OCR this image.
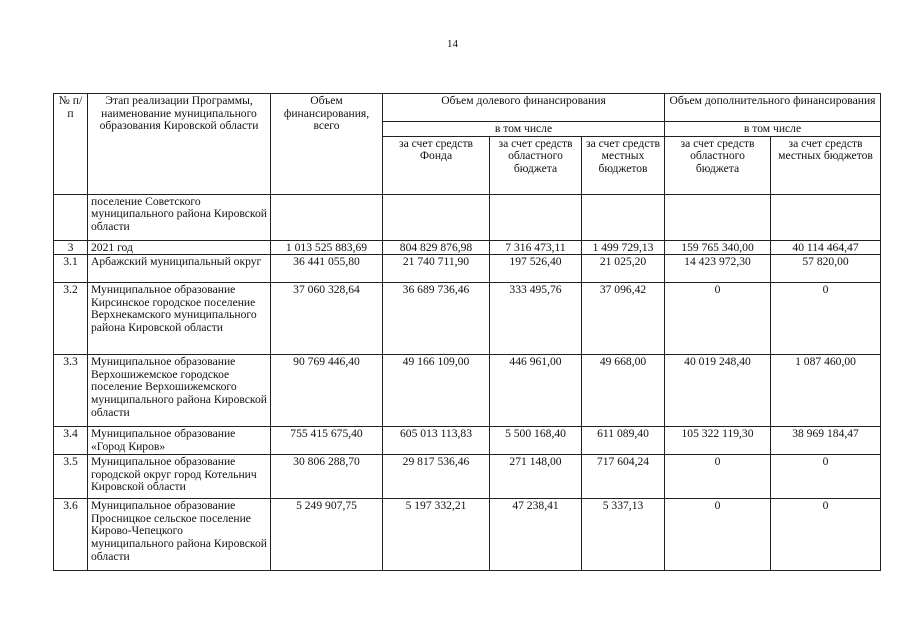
14
№ п/п	Этап реализации Программы, наименование муниципального образования Кировской области	Объем финансирования, всего	Объем долевого финансирования			Объем дополнительного финансирования	
			в том числе			в том числе	
			за счет средств Фонда	за счет средств областного бюджета	за счет средств местных бюджетов	за счет средств областного бюджета	за счет средств местных бюджетов
	поселение Советского муниципального района Кировской области						
3	2021 год	1 013 525 883,69	804 829 876,98	7 316 473,11	1 499 729,13	159 765 340,00	40 114 464,47
3.1	Арбажский муниципальный округ	36 441 055,80	21 740 711,90	197 526,40	21 025,20	14 423 972,30	57 820,00
3.2	Муниципальное образование Кирсинское городское поселение Верхнекамского муниципального района Кировской области	37 060 328,64	36 689 736,46	333 495,76	37 096,42	0	0
3.3	Муниципальное образование Верхошижемское городское поселение Верхошижемского муниципального района Кировской области	90 769 446,40	49 166 109,00	446 961,00	49 668,00	40 019 248,40	1 087 460,00
3.4	Муниципальное образование «Город Киров»	755 415 675,40	605 013 113,83	5 500 168,40	611 089,40	105 322 119,30	38 969 184,47
3.5	Муниципальное образование городской округ город Котельнич Кировской области	30 806 288,70	29 817 536,46	271 148,00	717 604,24	0	0
3.6	Муниципальное образование Просницкое сельское поселение Кирово-Чепецкого муниципального района Кировской области	5 249 907,75	5 197 332,21	47 238,41	5 337,13	0	0
